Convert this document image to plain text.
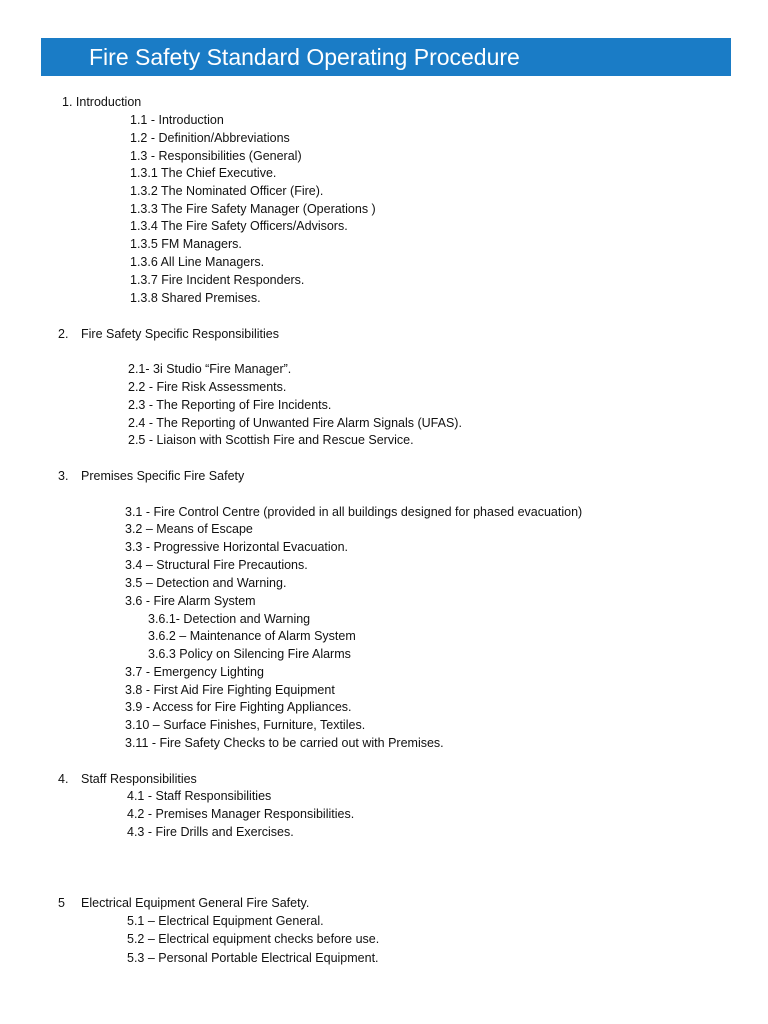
Fire Safety Standard Operating Procedure
1. Introduction
1.1 - Introduction
1.2 - Definition/Abbreviations
1.3 - Responsibilities (General)
1.3.1 The Chief Executive.
1.3.2 The Nominated Officer (Fire).
1.3.3 The Fire Safety Manager (Operations )
1.3.4 The Fire Safety Officers/Advisors.
1.3.5 FM Managers.
1.3.6 All Line Managers.
1.3.7 Fire Incident Responders.
1.3.8 Shared Premises.
2. Fire Safety Specific Responsibilities
2.1- 3i Studio “Fire Manager”.
2.2 - Fire Risk Assessments.
2.3 - The Reporting of Fire Incidents.
2.4 - The Reporting of Unwanted Fire Alarm Signals (UFAS).
2.5 - Liaison with Scottish Fire and Rescue Service.
3. Premises Specific Fire Safety
3.1 - Fire Control Centre (provided in all buildings designed for phased evacuation)
3.2 – Means of Escape
3.3 - Progressive Horizontal Evacuation.
3.4 – Structural Fire Precautions.
3.5 – Detection and Warning.
3.6 - Fire Alarm System
3.6.1- Detection and Warning
3.6.2 – Maintenance of Alarm System
3.6.3 Policy on Silencing Fire Alarms
3.7 - Emergency Lighting
3.8 - First Aid Fire Fighting Equipment
3.9 - Access for Fire Fighting Appliances.
3.10 – Surface Finishes, Furniture, Textiles.
3.11 - Fire Safety Checks to be carried out with Premises.
4. Staff Responsibilities
4.1 - Staff Responsibilities
4.2 - Premises Manager Responsibilities.
4.3 - Fire Drills and Exercises.
5 Electrical Equipment General Fire Safety.
5.1 – Electrical Equipment General.
5.2 – Electrical equipment checks before use.
5.3 – Personal Portable Electrical Equipment.
